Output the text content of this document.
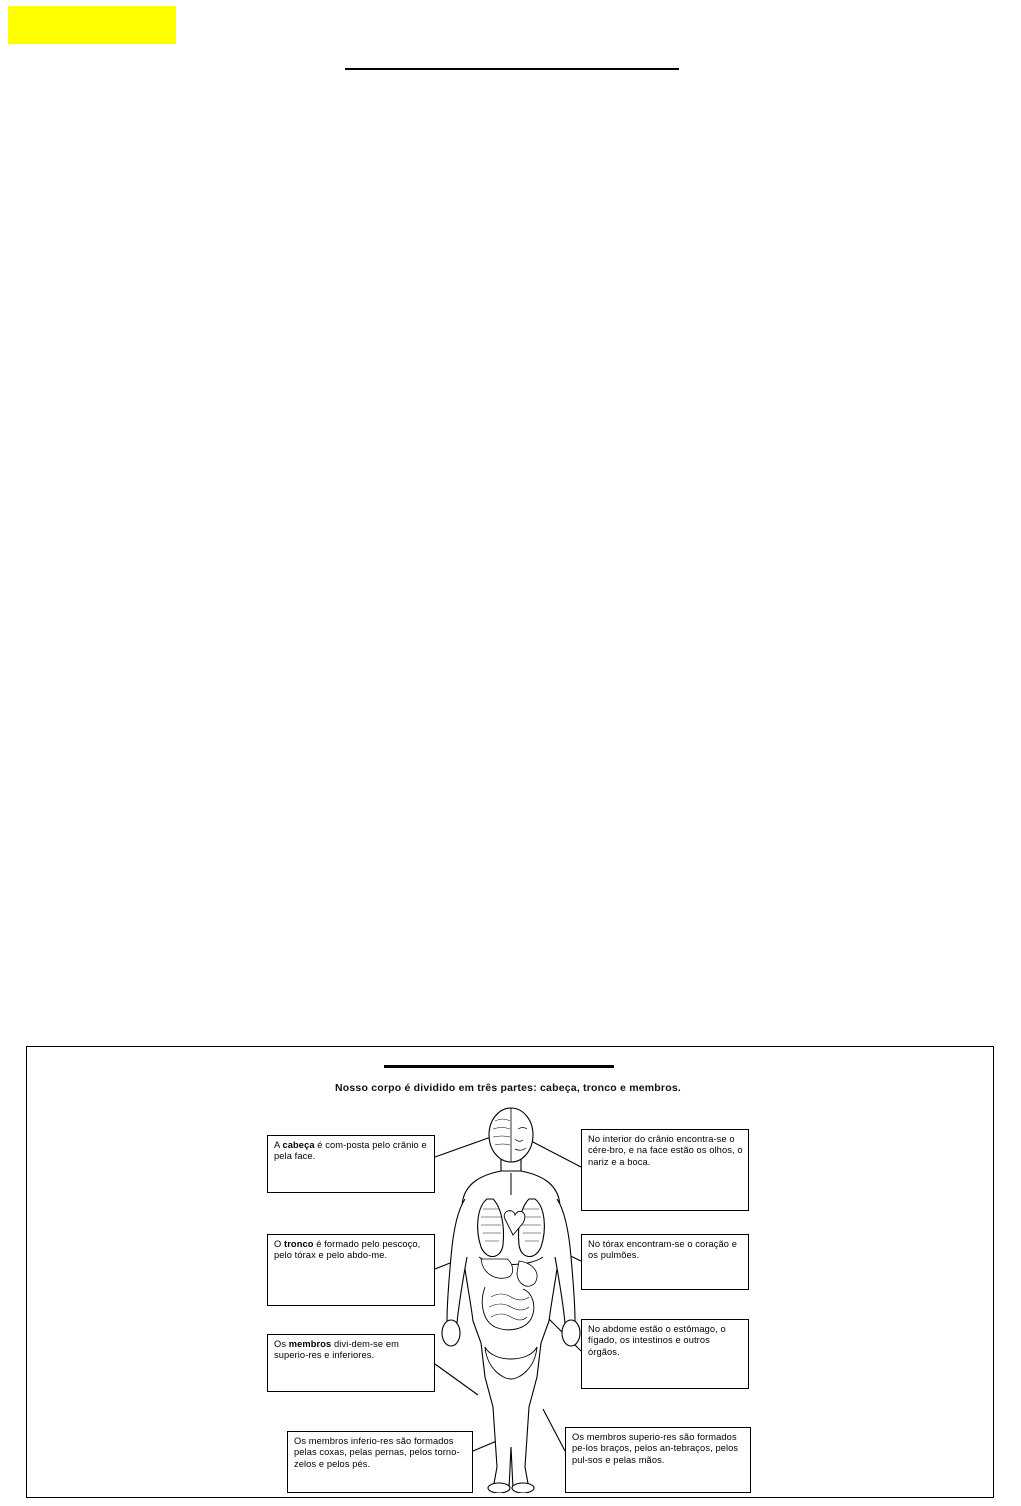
Nosso corpo é dividido em três partes: cabeça, tronco e membros.
A cabeça é com-posta pelo crânio e pela face.
O tronco é formado pelo pescoço, pelo tórax e pelo abdo-me.
Os membros divi-dem-se em superio-res e inferiores.
Os membros inferio-res são formados pelas coxas, pelas pernas, pelos torno-zelos e pelos pés.
No interior do crânio encontra-se o cére-bro, e na face estão os olhos, o nariz e a boca.
No tórax encontram-se o coração e os pulmões.
No abdome estão o estômago, o fígado, os intestinos e outros órgãos.
Os membros superio-res são formados pe-los braços, pelos an-tebraços, pelos pul-sos e pelas mãos.
